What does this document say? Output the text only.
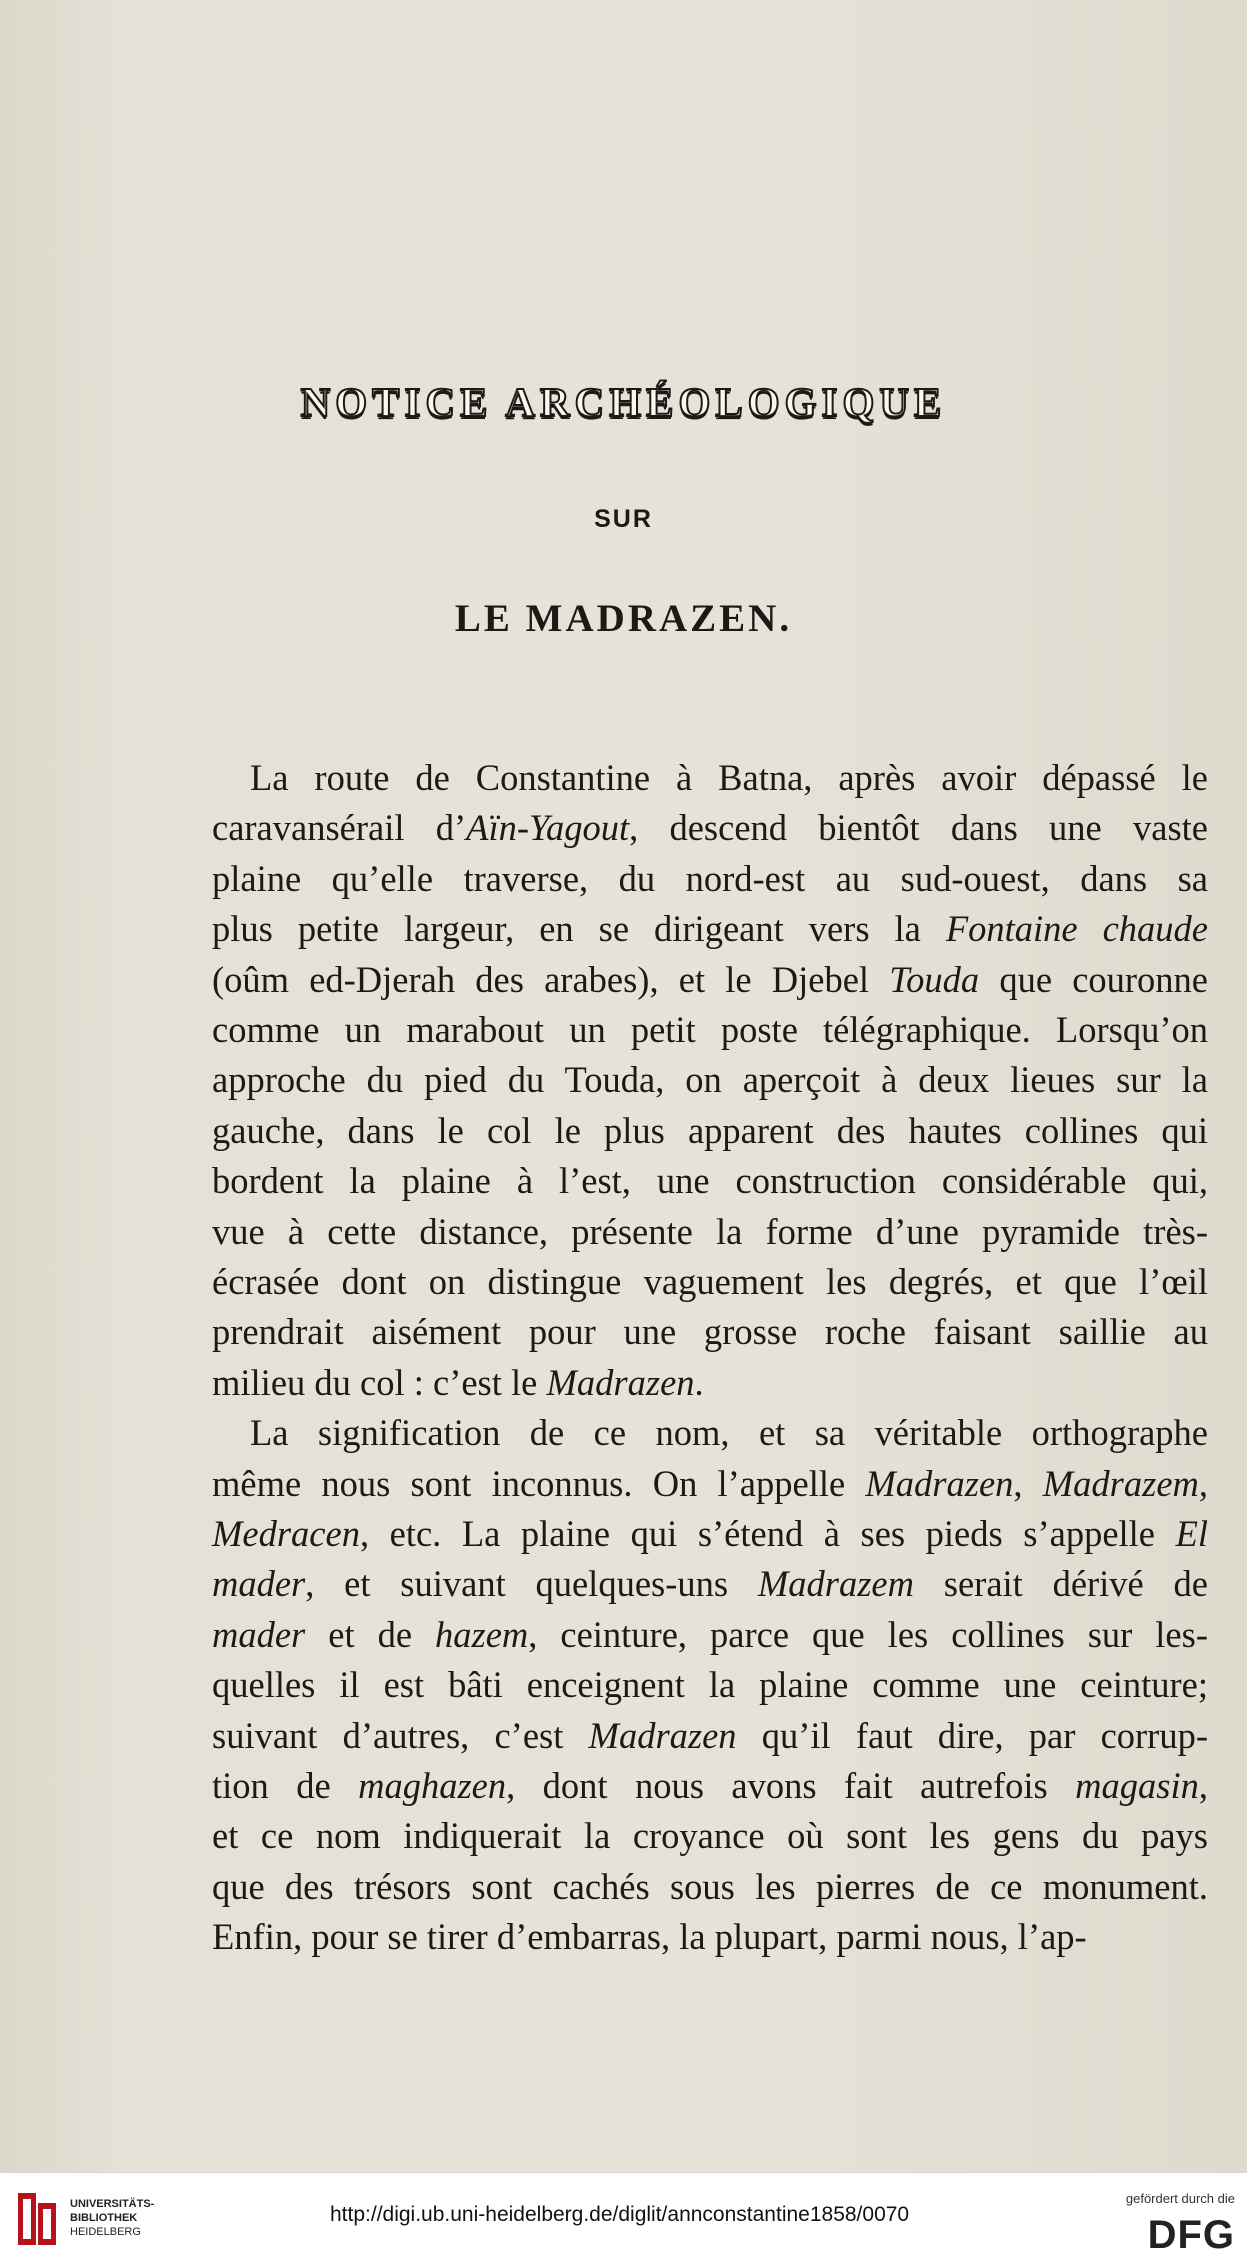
NOTICE ARCHÉOLOGIQUE
SUR
LE MADRAZEN.
La route de Constantine à Batna, après avoir dépassé le
caravansérail d’Aïn-Yagout, descend bientôt dans une vaste
plaine qu’elle traverse, du nord-est au sud-ouest, dans sa
plus petite largeur, en se dirigeant vers la Fontaine chaude
(oûm ed-Djerah des arabes), et le Djebel Touda que couronne
comme un marabout un petit poste télégraphique. Lorsqu’on
approche du pied du Touda, on aperçoit à deux lieues sur la
gauche, dans le col le plus apparent des hautes collines qui
bordent la plaine à l’est, une construction considérable qui,
vue à cette distance, présente la forme d’une pyramide très-
écrasée dont on distingue vaguement les degrés, et que l’œil
prendrait aisément pour une grosse roche faisant saillie au
milieu du col : c’est le Madrazen.
La signification de ce nom, et sa véritable orthographe
même nous sont inconnus. On l’appelle Madrazen, Madrazem,
Medracen, etc. La plaine qui s’étend à ses pieds s’appelle El
mader, et suivant quelques-uns Madrazem serait dérivé de
mader et de hazem, ceinture, parce que les collines sur les-
quelles il est bâti enceignent la plaine comme une ceinture;
suivant d’autres, c’est Madrazen qu’il faut dire, par corrup-
tion de maghazen, dont nous avons fait autrefois magasin,
et ce nom indiquerait la croyance où sont les gens du pays
que des trésors sont cachés sous les pierres de ce monument.
Enfin, pour se tirer d’embarras, la plupart, parmi nous, l’ap-
UNIVERSITÄTS-
BIBLIOTHEK
HEIDELBERG
http://digi.ub.uni-heidelberg.de/diglit/annconstantine1858/0070
gefördert durch die
DFG
